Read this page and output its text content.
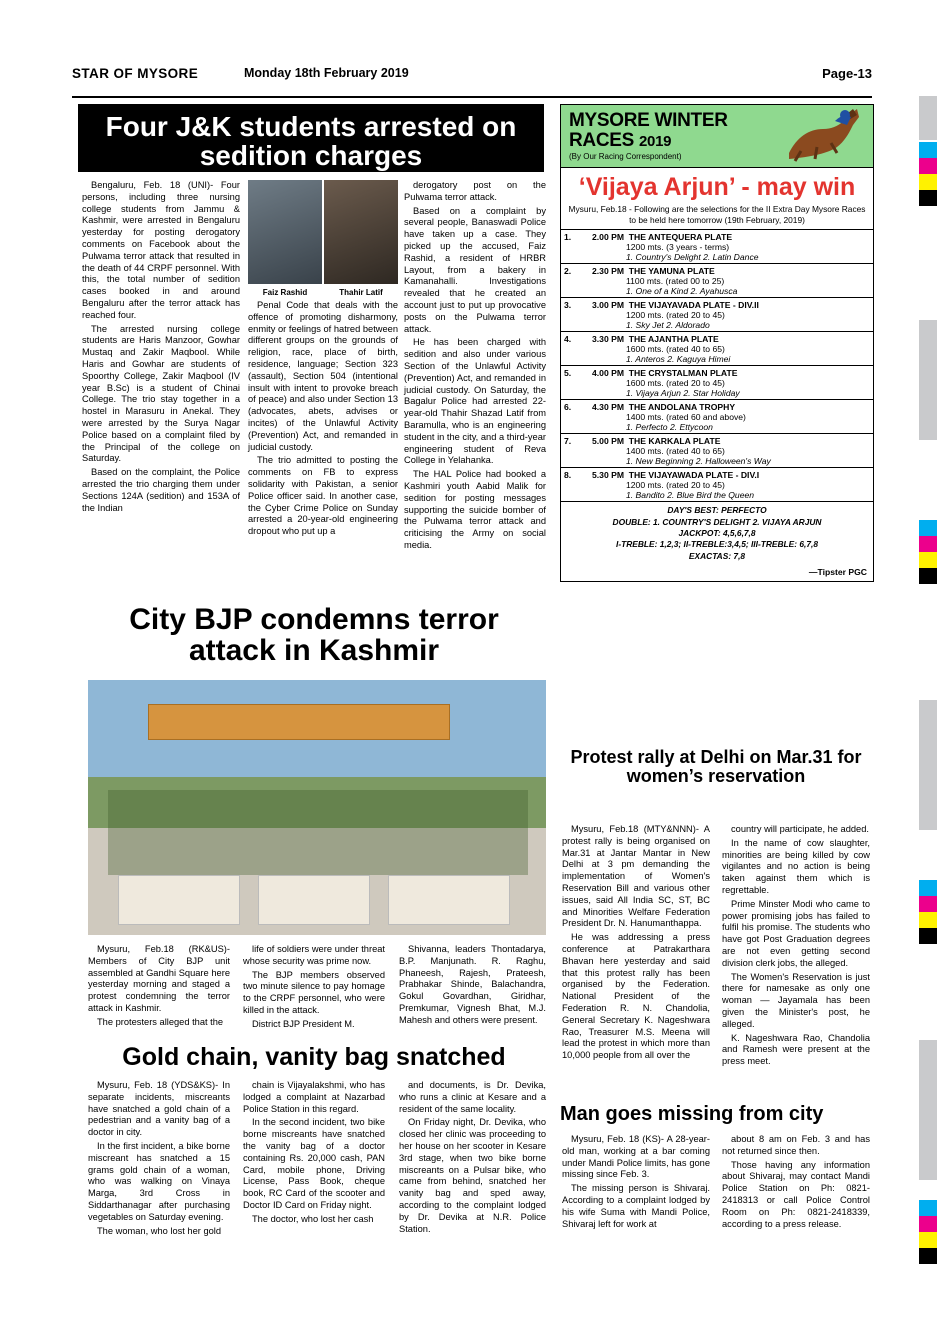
STAR OF MYSORE	Monday 18th February 2019	Page-13
Four J&K students arrested on sedition charges
Faiz Rashid	Thahir Latif

Bengaluru, Feb. 18 (UNI)- Four persons, including three nursing college students from Jammu & Kashmir, were arrested in Bengaluru yesterday for posting derogatory comments on Facebook about the Pulwama terror attack that resulted in the death of 44 CRPF personnel. With this, the total number of sedition cases booked in and around Bengaluru after the terror attack has reached four.

The arrested nursing college students are Haris Manzoor, Gowhar Mustaq and Zakir Maqbool. While Haris and Gowhar are students of Spoorthy College, Zakir Maqbool (IV year B.Sc) is a student of Chinai College. The trio stay together in a hostel in Marasuru in Anekal. They were arrested by the Surya Nagar Police based on a complaint filed by the Principal of the college on Saturday.

Based on the complaint, the Police arrested the trio charging them under Sections 124A (sedition) and 153A of the Indian

Penal Code that deals with the offence of promoting disharmony, enmity or feelings of hatred between different groups on the grounds of religion, race, place of birth, residence, language; Section 323 (assault), Section 504 (intentional insult with intent to provoke breach of peace) and also under Section 13 (advocates, abets, advises or incites) of the Unlawful Activity (Prevention) Act, and remanded in judicial custody.

The trio admitted to posting the comments on FB to express solidarity with Pakistan, a senior Police officer said. In another case, the Cyber Crime Police on Sunday arrested a 20-year-old engineering dropout who put up a

derogatory post on the Pulwama terror attack.

Based on a complaint by several people, Banaswadi Police have taken up a case. They picked up the accused, Faiz Rashid, a resident of HRBR Layout, from a bakery in Kamanahalli. Investigations revealed that he created an account just to put up provocative posts on the Pulwama terror attack.

He has been charged with sedition and also under various Section of the Unlawful Activity (Prevention) Act, and remanded in judicial custody. On Saturday, the Bagalur Police had arrested 22-year-old Thahir Shazad Latif from Baramulla, who is an engineering student in the city, and a third-year engineering student of Reva College in Yelahanka.

The HAL Police had booked a Kashmiri youth Aabid Malik for sedition for posting messages supporting the suicide bomber of the Pulwama terror attack and criticising the Army on social media.

City BJP condemns terror attack in Kashmir

Mysuru, Feb.18 (RK&US)- Members of City BJP unit assembled at Gandhi Square here yesterday morning and staged a protest condemning the terror attack in Kashmir.

The protesters alleged that the

life of soldiers were under threat whose security was prime now.

The BJP members observed two minute silence to pay homage to the CRPF personnel, who were killed in the attack.

District BJP President M.

Shivanna, leaders Thontadarya, B.P. Manjunath. R. Raghu, Phaneesh, Rajesh, Prateesh, Prabhakar Shinde, Balachandra, Gokul Govardhan, Giridhar, Premkumar, Vignesh Bhat, M.J. Mahesh and others were present.

Gold chain, vanity bag snatched

Mysuru, Feb. 18 (YDS&KS)- In separate incidents, miscreants have snatched a gold chain of a pedestrian and a vanity bag of a doctor in city.

In the first incident, a bike borne miscreant has snatched a 15 grams gold chain of a woman, who was walking on Vinaya Marga, 3rd Cross in Siddarthanagar after purchasing vegetables on Saturday evening.

The woman, who lost her gold

chain is Vijayalakshmi, who has lodged a complaint at Nazarbad Police Station in this regard.

In the second incident, two bike borne miscreants have snatched the vanity bag of a doctor containing Rs. 20,000 cash, PAN Card, mobile phone, Driving License, Pass Book, cheque book, RC Card of the scooter and Doctor ID Card on Friday night.

The doctor, who lost her cash

and documents, is Dr. Devika, who runs a clinic at Kesare and a resident of the same locality.

On Friday night, Dr. Devika, who closed her clinic was proceeding to her house on her scooter in Kesare 3rd stage, when two bike borne miscreants on a Pulsar bike, who came from behind, snatched her vanity bag and sped away, according to the complaint lodged by Dr. Devika at N.R. Police Station.

MYSORE WINTER
RACES 2019
(By Our Racing Correspondent)
‘Vijaya Arjun’ - may win
Mysuru, Feb.18 - Following are the selections for the II Extra Day Mysore Races to be held here tomorrow (19th February, 2019)
1.	2.00 PM THE ANTEQUERA PLATE
1200 mts. (3 years - terms)
1. Country's Delight 2. Latin Dance

2.	2.30 PM THE YAMUNA PLATE
1100 mts. (rated 00 to 25)
1. One of a Kind 2. Ayahusca

3.	3.00 PM THE VIJAYAVADA PLATE - DIV.II
1200 mts. (rated 20 to 45)
1. Sky Jet 2. Aldorado

4.	3.30 PM THE AJANTHA PLATE
1600 mts. (rated 40 to 65)
1. Anteros 2. Kaguya Himei

5.	4.00 PM THE CRYSTALMAN PLATE
1600 mts. (rated 20 to 45)
1. Vijaya Arjun 2. Star Holiday

6.	4.30 PM THE ANDOLANA TROPHY
1400 mts. (rated 60 and above)
1. Perfecto 2. Ettycoon

7.	5.00 PM THE KARKALA PLATE
1400 mts. (rated 40 to 65)
1. New Beginning 2. Halloween's Way

8.	5.30 PM THE VIJAYAWADA PLATE - DIV.I
1200 mts. (rated 20 to 45)
1. Bandito 2. Blue Bird the Queen
DAY'S BEST: PERFECTO
DOUBLE: 1. COUNTRY'S DELIGHT 2. VIJAYA ARJUN
JACKPOT: 4,5,6,7,8
I-TREBLE: 1,2,3; II-TREBLE:3,4,5; III-TREBLE: 6,7,8
EXACTAS: 7,8
—Tipster PGC
Protest rally at Delhi on Mar.31 for women’s reservation

Mysuru, Feb.18 (MTY&NNN)- A protest rally is being organised on Mar.31 at Jantar Mantar in New Delhi at 3 pm demanding the implementation of Women's Reservation Bill and various other issues, said All India SC, ST, BC and Minorities Welfare Federation President Dr. N. Hanumanthappa.

He was addressing a press conference at Patrakarthara Bhavan here yesterday and said that this protest rally has been organised by the Federation. National President of the Federation R. N. Chandolia, General Secretary K. Nageshwara Rao, Treasurer M.S. Meena will lead the protest in which more than 10,000 people from all over the

country will participate, he added.

In the name of cow slaughter, minorities are being killed by cow vigilantes and no action is being taken against them which is regrettable.

Prime Minster Modi who came to power promising jobs has failed to fulfil his promise. The students who have got Post Graduation degrees are not even getting second division clerk jobs, the alleged.

The Women's Reservation is just there for namesake as only one woman — Jayamala has been given the Minister's post, he alleged.

K. Nageshwara Rao, Chandolia and Ramesh were present at the press meet.

Man goes missing from city

Mysuru, Feb. 18 (KS)- A 28-year-old man, working at a bar coming under Mandi Police limits, has gone missing since Feb. 3.

The missing person is Shivaraj. According to a complaint lodged by his wife Suma with Mandi Police, Shivaraj left for work at

about 8 am on Feb. 3 and has not returned since then.

Those having any information about Shivaraj, may contact Mandi Police Station on Ph: 0821-2418313 or call Police Control Room on Ph: 0821-2418339, according to a press release.
